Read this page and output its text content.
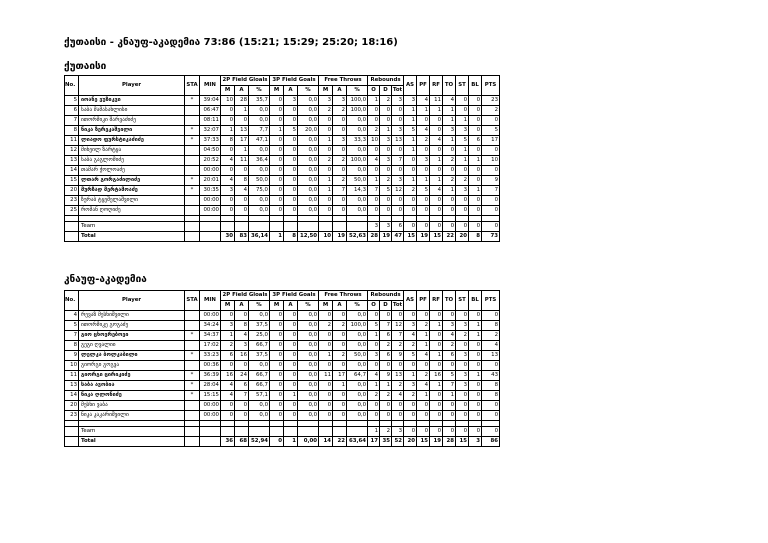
ქუთაისი - კნაუფ-აკადემია 73:86 (15:21; 15:29; 25:20; 18:16)
ქუთაისი
No.	Player	STA	MIN	2P Field Gloals			3P Field Goals			Free Throws			Rebounds			AS	PF	RF	TO	ST	BL	PTS
				M	A	%	M	A	%	M	A	%	O	D	Tot							
5	იოანე ვუზიკვი	*	39:04	10	28	35,7	0	3	0,0	3	3	100,0	1	2	3	3	4	11	4	0	0	23
6	საბა მამასახლისი		06:47	0	1	0,0	0	0	0,0	2	2	100,0	0	0	0	1	1	1	1	0	0	2
7	ითორმიკი შარვაძიძე		08:11	0	0	0,0	0	0	0,0	0	0	0,0	0	0	0	1	0	0	1	1	0	0
8	ნიკა ზერეკაშვილი	*	32:07	1	13	7,7	1	5	20,0	0	0	0,0	2	1	3	5	4	0	3	3	0	5
11	ლიადო ფურსტიკაძიძე	*	37:33	8	17	47,1	0	0	0,0	1	3	33,3	10	3	13	1	2	4	1	5	6	17
12	მიხეილ ზარტყა		04:50	0	1	0,0	0	0	0,0	0	0	0,0	0	0	0	1	0	0	0	1	0	0
13	საბა გაგლომიძე		20:52	4	11	36,4	0	0	0,0	2	2	100,0	4	3	7	0	3	1	2	1	1	10
14	თამარ ჭოლოაძე		00:00	0	0	0,0	0	0	0,0	0	0	0,0	0	0	0	0	0	0	0	0	0	0
15	ლთარ გორგაძილიძე	*	20:01	4	8	50,0	0	0	0,0	1	2	50,0	1	2	3	1	1	1	2	2	0	9
20	მურზად მერტამოაძე	*	30:35	3	4	75,0	0	0	0,0	1	7	14,3	7	5	12	2	5	4	1	3	1	7
23	ზურაბ ტყეშელაშვილი		00:00	0	0	0,0	0	0	0,0	0	0	0,0	0	0	0	0	0	0	0	0	0	0
25	რომან ღოღიძე		00:00	0	0	0,0	0	0	0,0	0	0	0,0	0	0	0	0	0	0	0	0	0	0

	Team												3	3	6	0	0	0	0	0	0	0
	Total			30	83	36,14	1	8	12,50	10	19	52,63	28	19	47	15	19	15	22	20	8	73
კნაუფ-აკადემია
No.	Player	STA	MIN	2P Field Gloals			3P Field Goals			Free Throws			Rebounds			AS	PF	RF	TO	ST	BL	PTS
				M	A	%	M	A	%	M	A	%	O	D	Tot							
4	რევაზ მესხიშვილი		00:00	0	0	0,0	0	0	0,0	0	0	0,0	0	0	0	0	0	0	0	0	0	0
5	ითორმიკე გოგაძე		34:24	3	8	37,5	0	0	0,0	2	2	100,0	5	7	12	3	2	1	3	3	1	8
7	გიო ცხოვრებოვი	*	34:37	1	4	25,0	0	0	0,0	0	0	0,0	1	6	7	4	1	0	4	2	1	2
8	გეგი ღვალიი		17:02	2	3	66,7	0	0	0,0	0	0	0,0	0	2	2	2	1	0	2	0	0	4
9	ლელკა ბოლკაბილი	*	33:23	6	16	37,5	0	0	0,0	1	2	50,0	3	6	9	5	4	1	6	3	0	13
10	გიორგი გოგვა		00:36	0	0	0,0	0	0	0,0	0	0	0,0	0	0	0	0	0	0	0	0	0	0
11	გიორგი ცირიკიძე	*	36:39	16	24	66,7	0	0	0,0	11	17	64,7	4	9	13	1	2	16	5	3	1	43
13	საბა ავობია	*	28:04	4	6	66,7	0	0	0,0	0	1	0,0	1	1	2	3	4	1	7	3	0	8
14	ნიკა ღლონიძე	*	15:15	4	7	57,1	0	1	0,0	0	0	0,0	2	2	4	2	1	0	1	0	0	8
20	მესხი ვაბა		00:00	0	0	0,0	0	0	0,0	0	0	0,0	0	0	0	0	0	0	0	0	0	0
23	ნიკა კაკარიშვილი		00:00	0	0	0,0	0	0	0,0	0	0	0,0	0	0	0	0	0	0	0	0	0	0

	Team												1	2	3	0	0	0	0	0	0	0
	Total			36	68	52,94	0	1	0,00	14	22	63,64	17	35	52	20	15	19	28	15	3	86
